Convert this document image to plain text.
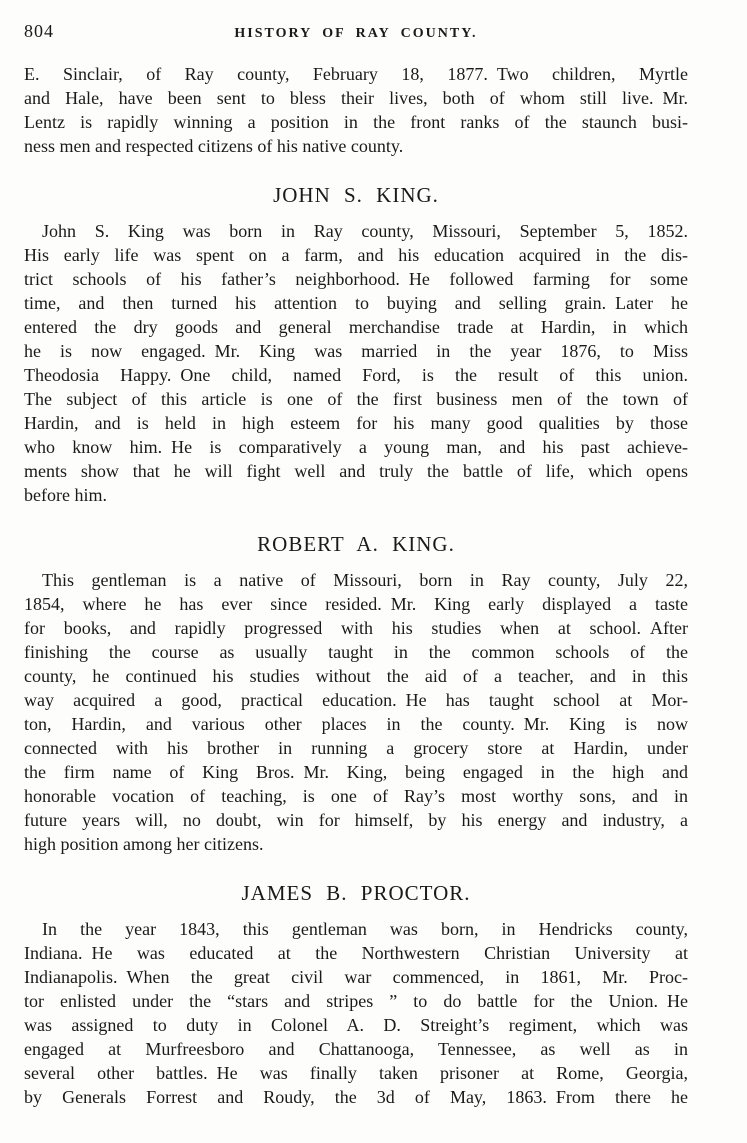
804	HISTORY OF RAY COUNTY.
E. Sinclair, of Ray county, February 18, 1877. Two children, Myrtle
and Hale, have been sent to bless their lives, both of whom still live. Mr.
Lentz is rapidly winning a position in the front ranks of the staunch busi-
ness men and respected citizens of his native county.
JOHN S. KING.
John S. King was born in Ray county, Missouri, September 5, 1852.
His early life was spent on a farm, and his education acquired in the dis-
trict schools of his father’s neighborhood. He followed farming for some
time, and then turned his attention to buying and selling grain. Later he
entered the dry goods and general merchandise trade at Hardin, in which
he is now engaged. Mr. King was married in the year 1876, to Miss
Theodosia Happy. One child, named Ford, is the result of this union.
The subject of this article is one of the first business men of the town of
Hardin, and is held in high esteem for his many good qualities by those
who know him. He is comparatively a young man, and his past achieve-
ments show that he will fight well and truly the battle of life, which opens
before him.
ROBERT A. KING.
This gentleman is a native of Missouri, born in Ray county, July 22,
1854, where he has ever since resided. Mr. King early displayed a taste
for books, and rapidly progressed with his studies when at school. After
finishing the course as usually taught in the common schools of the
county, he continued his studies without the aid of a teacher, and in this
way acquired a good, practical education. He has taught school at Mor-
ton, Hardin, and various other places in the county. Mr. King is now
connected with his brother in running a grocery store at Hardin, under
the firm name of King Bros. Mr. King, being engaged in the high and
honorable vocation of teaching, is one of Ray’s most worthy sons, and in
future years will, no doubt, win for himself, by his energy and industry, a
high position among her citizens.
JAMES B. PROCTOR.
In the year 1843, this gentleman was born, in Hendricks county,
Indiana. He was educated at the Northwestern Christian University at
Indianapolis. When the great civil war commenced, in 1861, Mr. Proc-
tor enlisted under the “stars and stripes ” to do battle for the Union. He
was assigned to duty in Colonel A. D. Streight’s regiment, which was
engaged at Murfreesboro and Chattanooga, Tennessee, as well as in
several other battles. He was finally taken prisoner at Rome, Georgia,
by Generals Forrest and Roudy, the 3d of May, 1863. From there he
